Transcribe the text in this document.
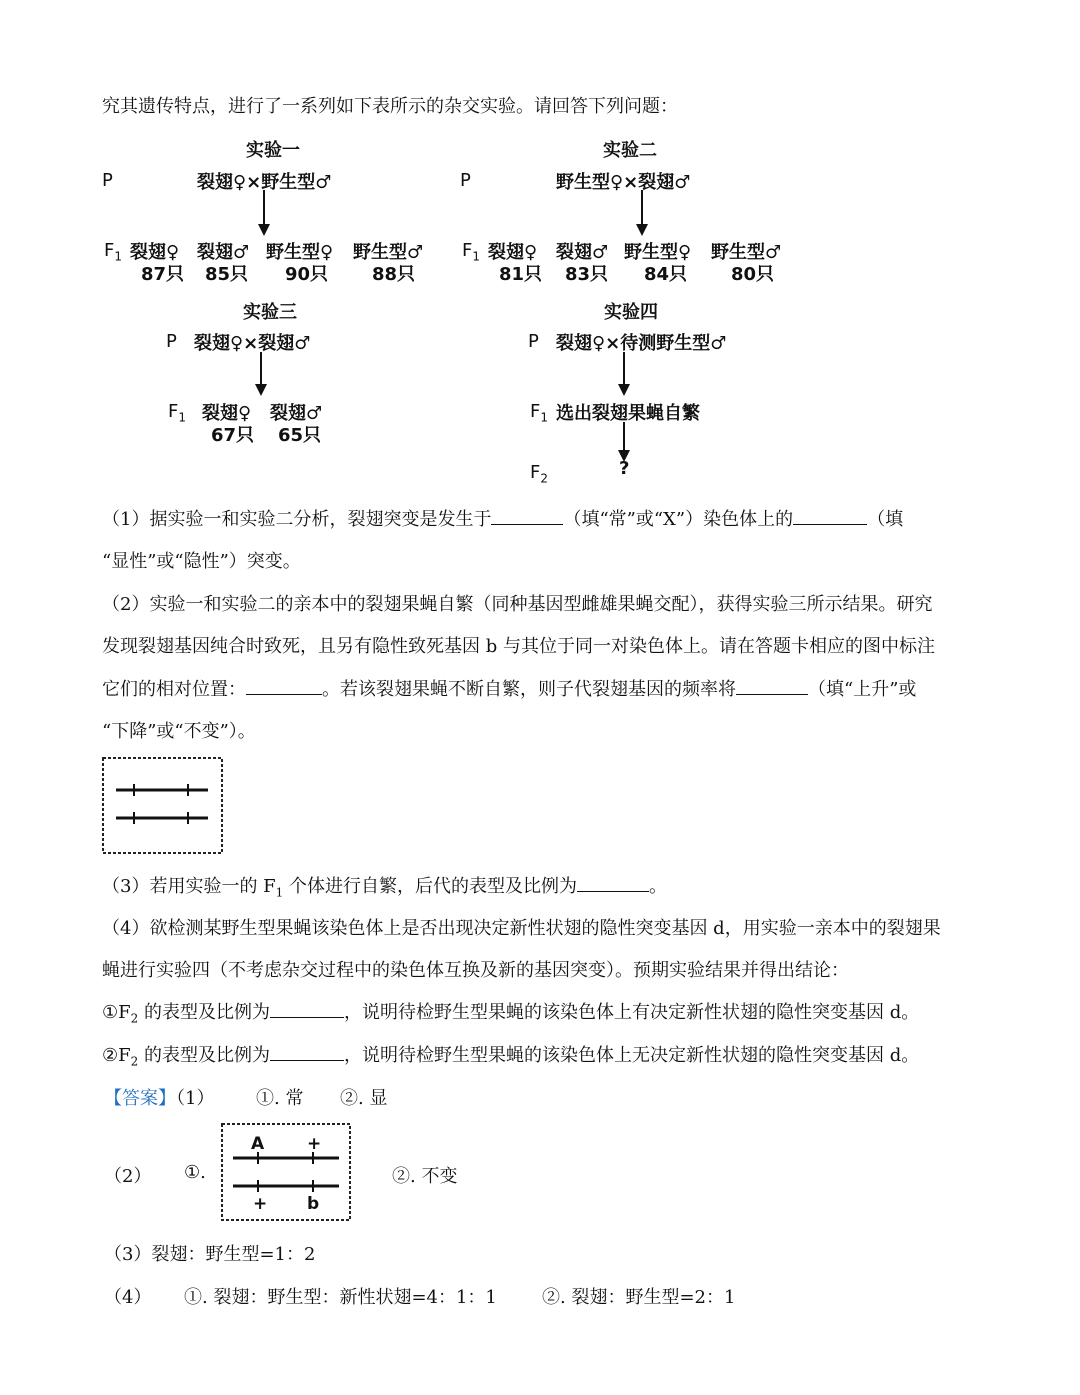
究其遗传特点，进行了一系列如下表所示的杂交实验。请回答下列问题：
实验一
P	裂翅♀×野生型♂
$F_1$ 裂翅♀ 裂翅♂ 野生型♀ 野生型♂
87只 85只 90只 88只
实验二
P	野生型♀×裂翅♂
$F_1$ 裂翅♀ 裂翅♂ 野生型♀ 野生型♂
81只 83只 84只 80只
实验三
P 裂翅♀×裂翅♂
$F_1$ 裂翅♀ 裂翅♂
67只 65只
实验四
P 裂翅♀×待测野生型♂
$F_1$ 选出裂翅果蝇自繁
$F_2$	?
（1）据实验一和实验二分析，裂翅突变是发生于	（填“常”或“X”）染色体上的	（填
“显性”或“隐性”）突变。
（2）实验一和实验二的亲本中的裂翅果蝇自繁（同种基因型雌雄果蝇交配），获得实验三所示结果。研究
发现裂翅基因纯合时致死，且另有隐性致死基因 b 与其位于同一对染色体上。请在答题卡相应的图中标注
它们的相对位置：	。若该裂翅果蝇不断自繁，则子代裂翅基因的频率将	（填“上升”或
“下降”或“不变”）。
（3）若用实验一的 $F_1$ 个体进行自繁，后代的表型及比例为	。
（4）欲检测某野生型果蝇该染色体上是否出现决定新性状翅的隐性突变基因 d，用实验一亲本中的裂翅果
蝇进行实验四（不考虑杂交过程中的染色体互换及新的基因突变）。预期实验结果并得出结论：
$①F_2$ 的表型及比例为	，说明待检野生型果蝇的该染色体上有决定新性状翅的隐性突变基因 d。
$②F_2$ 的表型及比例为	，说明待检野生型果蝇的该染色体上无决定新性状翅的隐性突变基因 d。
【答案】（1） ①. 常 ②. 显
（2） ①.
A	+
+ b
②. 不变
（3）裂翅：野生型=1：2
（4） ①. 裂翅：野生型：新性状翅=4：1：1	②. 裂翅：野生型=2：1
